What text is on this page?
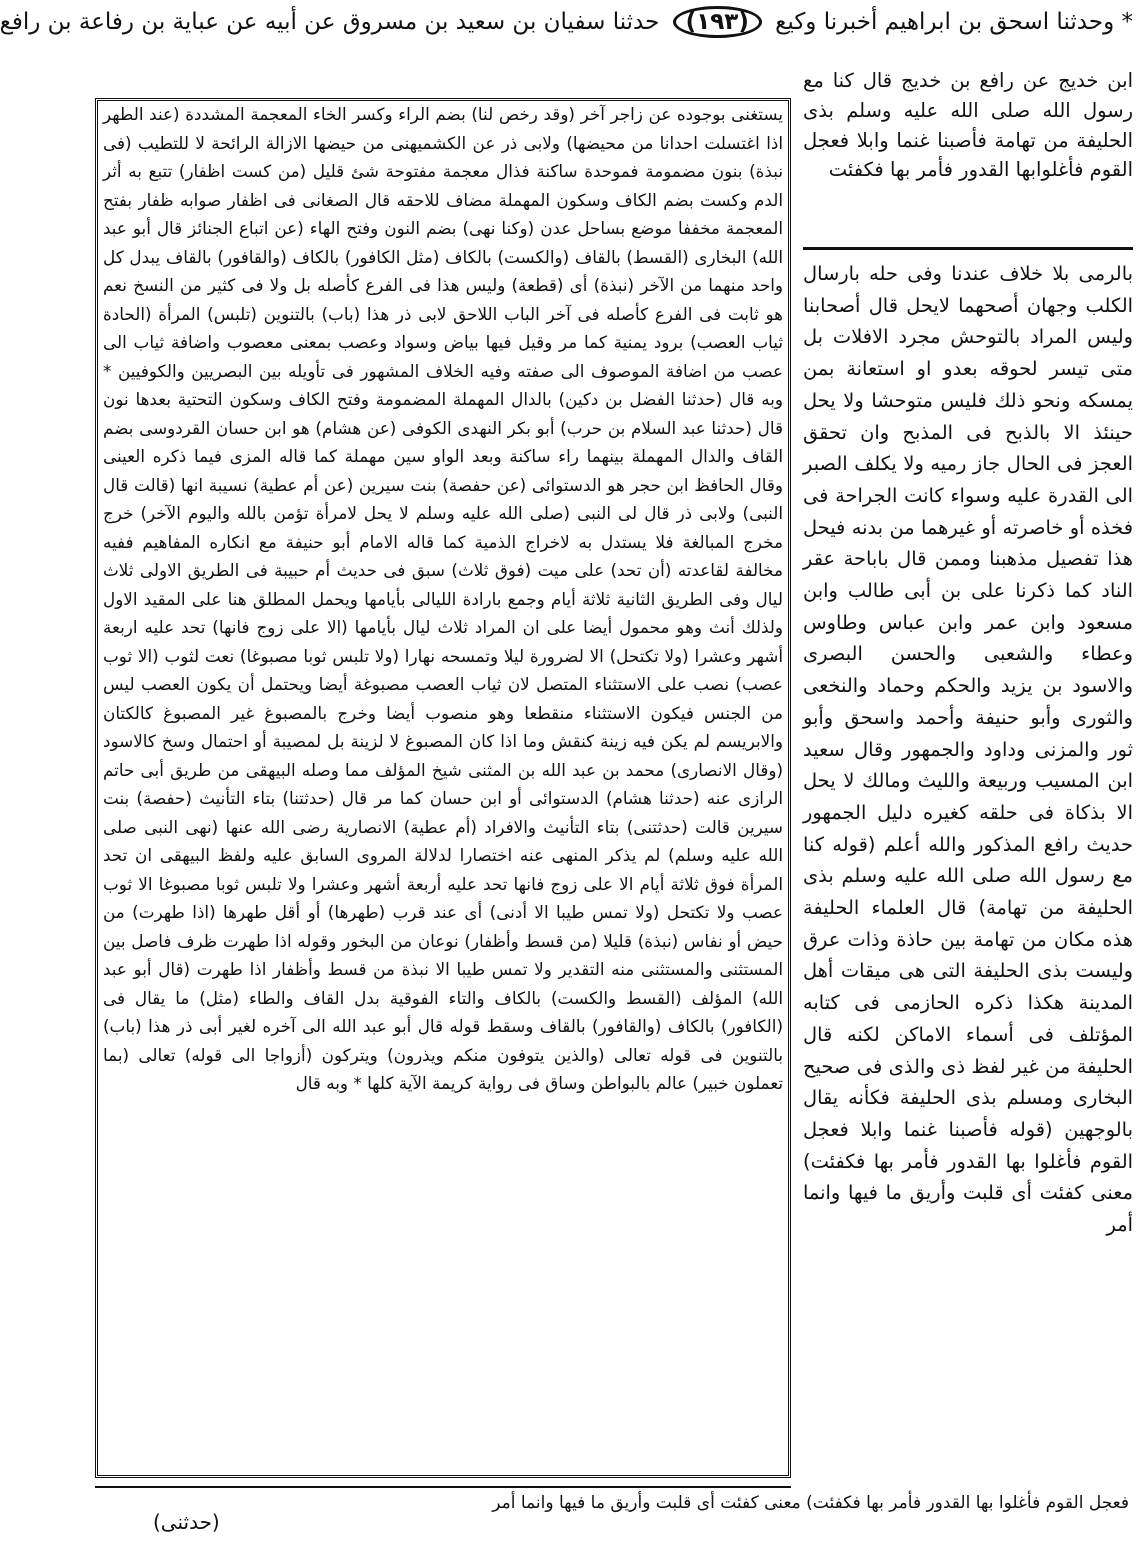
* وحدثنا اسحق بن ابراهيم أخبرنا وكيع (١٩٣) حدثنا سفيان بن سعيد بن مسروق عن أبيه عن عباية بن رفاعة بن رافع

يستغنى بوجوده عن زاجر آخر (وقد رخص لنا) بضم الراء وكسر الخاء المعجمة المشددة (عند الطهر اذا اغتسلت احدانا من محيضها) ولابى ذر عن الكشميهنى من حيضها الازالة الرائحة لا للتطيب (فى نبذة) بنون مضمومة فموحدة ساكنة فذال معجمة مفتوحة شئ قليل (من كست اظفار) تتبع به أثر الدم وكست بضم الكاف وسكون المهملة مضاف للاحقه قال الصغانى فى اظفار صوابه ظفار بفتح المعجمة مخففا موضع بساحل عدن (وكنا نهى) بضم النون وفتح الهاء (عن اتباع الجنائز قال أبو عبد الله) البخارى (القسط) بالقاف (والكست) بالكاف (مثل الكافور) بالكاف (والقافور) بالقاف يبدل كل واحد منهما من الآخر (نبذة) أى (قطعة) وليس هذا فى الفرع كأصله بل ولا فى كثير من النسخ نعم هو ثابت فى الفرع كأصله فى آخر الباب اللاحق لابى ذر هذا (باب) بالتنوين (تلبس) المرأة (الحادة ثياب العصب) برود يمنية كما مر وقيل فيها بياض وسواد وعصب بمعنى معصوب واضافة ثياب الى عصب من اضافة الموصوف الى صفته وفيه الخلاف المشهور فى تأويله بين البصريين والكوفيين * وبه قال (حدثنا الفضل بن دكين) بالدال المهملة المضمومة وفتح الكاف وسكون التحتية بعدها نون قال (حدثنا عبد السلام بن حرب) أبو بكر النهدى الكوفى (عن هشام) هو ابن حسان القردوسى بضم القاف والدال المهملة بينهما راء ساكنة وبعد الواو سين مهملة كما قاله المزى فيما ذكره العينى وقال الحافظ ابن حجر هو الدستوائى (عن حفصة) بنت سيرين (عن أم عطية) نسيبة انها (قالت قال النبى) ولابى ذر قال لى النبى (صلى الله عليه وسلم لا يحل لامرأة تؤمن بالله واليوم الآخر) خرج مخرج المبالغة فلا يستدل به لاخراج الذمية كما قاله الامام أبو حنيفة مع انكاره المفاهيم ففيه مخالفة لقاعدته (أن تحد) على ميت (فوق ثلاث) سبق فى حديث أم حبيبة فى الطريق الاولى ثلاث ليال وفى الطريق الثانية ثلاثة أيام وجمع بارادة الليالى بأيامها ويحمل المطلق هنا على المقيد الاول ولذلك أنث وهو محمول أيضا على ان المراد ثلاث ليال بأيامها (الا على زوج فانها) تحد عليه اربعة أشهر وعشرا (ولا تكتحل) الا لضرورة ليلا وتمسحه نهارا (ولا تلبس ثوبا مصبوغا) نعت لثوب (الا ثوب عصب) نصب على الاستثناء المتصل لان ثياب العصب مصبوغة أيضا ويحتمل أن يكون العصب ليس من الجنس فيكون الاستثناء منقطعا وهو منصوب أيضا وخرج بالمصبوغ غير المصبوغ كالكتان والابريسم لم يكن فيه زينة كنقش وما اذا كان المصبوغ لا لزينة بل لمصيبة أو احتمال وسخ كالاسود (وقال الانصارى) محمد بن عبد الله بن المثنى شيخ المؤلف مما وصله البيهقى من طريق أبى حاتم الرازى عنه (حدثنا هشام) الدستوائى أو ابن حسان كما مر قال (حدثتنا) بتاء التأنيث (حفصة) بنت سيرين قالت (حدثتنى) بتاء التأنيث والافراد (أم عطية) الانصارية رضى الله عنها (نهى النبى صلى الله عليه وسلم) لم يذكر المنهى عنه اختصارا لدلالة المروى السابق عليه ولفظ البيهقى ان تحد المرأة فوق ثلاثة أيام الا على زوج فانها تحد عليه أربعة أشهر وعشرا ولا تلبس ثوبا مصبوغا الا ثوب عصب ولا تكتحل (ولا تمس طيبا الا أدنى) أى عند قرب (طهرها) أو أقل طهرها (اذا طهرت) من حيض أو نفاس (نبذة) قليلا (من قسط وأظفار) نوعان من البخور وقوله اذا طهرت ظرف فاصل بين المستثنى والمستثنى منه التقدير ولا تمس طيبا الا نبذة من قسط وأظفار اذا طهرت (قال أبو عبد الله) المؤلف (القسط والكست) بالكاف والتاء الفوقية بدل القاف والطاء (مثل) ما يقال فى (الكافور) بالكاف (والقافور) بالقاف وسقط قوله قال أبو عبد الله الى آخره لغير أبى ذر هذا (باب) بالتنوين فى قوله تعالى (والذين يتوفون منكم ويذرون) ويتركون (أزواجا الى قوله) تعالى (بما تعملون خبير) عالم بالبواطن وساق فى رواية كريمة الآية كلها * وبه قال

ابن خديج عن رافع بن خديج قال كنا مع رسول الله صلى الله عليه وسلم بذى الحليفة من تهامة فأصبنا غنما وابلا فعجل القوم فأغلوابها القدور فأمر بها فكفئت

بالرمى بلا خلاف عندنا وفى حله بارسال الكلب وجهان أصحهما لايحل قال أصحابنا وليس المراد بالتوحش مجرد الافلات بل متى تيسر لحوقه بعدو او استعانة بمن يمسكه ونحو ذلك فليس متوحشا ولا يحل حينئذ الا بالذبح فى المذبح وان تحقق العجز فى الحال جاز رميه ولا يكلف الصبر الى القدرة عليه وسواء كانت الجراحة فى فخذه أو خاصرته أو غيرهما من بدنه فيحل هذا تفصيل مذهبنا وممن قال باباحة عقر الناد كما ذكرنا على بن أبى طالب وابن مسعود وابن عمر وابن عباس وطاوس وعطاء والشعبى والحسن البصرى والاسود بن يزيد والحكم وحماد والنخعى والثورى وأبو حنيفة وأحمد واسحق وأبو ثور والمزنى وداود والجمهور وقال سعيد ابن المسيب وربيعة والليث ومالك لا يحل الا بذكاة فى حلقه كغيره دليل الجمهور حديث رافع المذكور والله أعلم (قوله كنا مع رسول الله صلى الله عليه وسلم بذى الحليفة من تهامة) قال العلماء الحليفة هذه مكان من تهامة بين حاذة وذات عرق وليست بذى الحليفة التى هى ميقات أهل المدينة هكذا ذكره الحازمى فى كتابه المؤتلف فى أسماء الاماكن لكنه قال الحليفة من غير لفظ ذى والذى فى صحيح البخارى ومسلم بذى الحليفة فكأنه يقال بالوجهين (قوله فأصبنا غنما وابلا فعجل القوم فأغلوا بها القدور فأمر بها فكفئت) معنى كفئت أى قلبت وأريق ما فيها وانما أمر

فعجل القوم فأغلوا بها القدور فأمر بها فكفئت) معنى كفئت أى قلبت وأريق ما فيها وانما أمر
(حدثنى)
